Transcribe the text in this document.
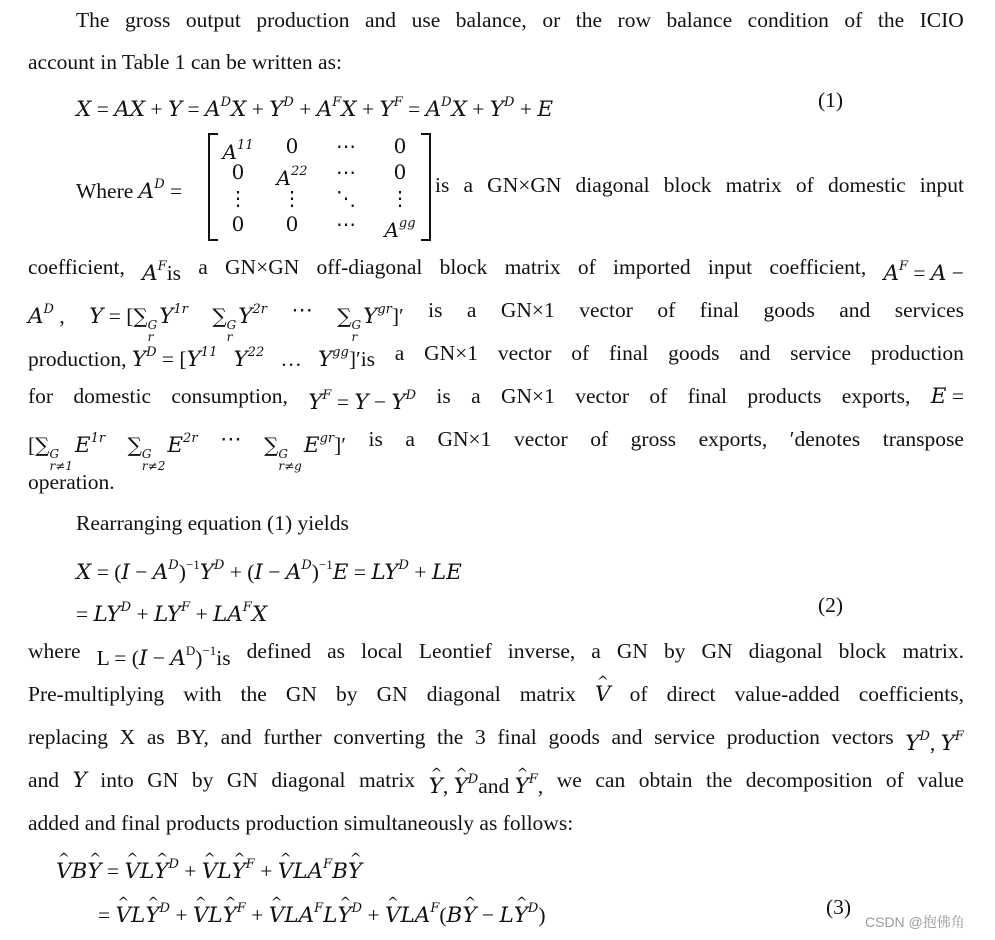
The gross output production and use balance, or the row balance condition of the ICIO
account in Table 1 can be written as:
X = AX + $Y = A^DX + Y^D + A^FX + Y^F = A^DX + Y^D + E$	(1)
Where $A^D$ =
$A^{11}$	0	⋯	0
0	$A^{22}$	⋯	0
⋮	⋮	⋱	⋮
0	0	⋯	$A^{gg}$
is a GN×GN diagonal block matrix of domestic input
coefficient, $A^Fis$ a GN×GN off-diagonal block matrix of imported input coefficient, $A^F = A$ −
$A^D$ , Y = [∑ G
r
$Y^{1r}$ ∑ G
r
$Y^{2r}$ ⋯ ∑ G
r
$Y^{gr}]'$ is a GN×1 vector of final goods and services
production, $Y^D = [Y^{11}$ $Y^{22}$   …   $Y^{gg}]'is$ a GN×1 vector of final goods and service production
for domestic consumption, $Y^F = Y - Y^D$ is a GN×1 vector of final products exports, E =
[∑ G
r≠1
$E^{1r}$ ∑ G
r≠2
$E^{2r}$ ⋯ ∑ G
r≠g
$E^{gr}]'$ is a GN×1 vector of gross exports, ′denotes transpose
operation.
Rearranging equation (1) yields
$X = (I - A^D)^{-1}Y^D + (I - A^D)^{-1}E = LY^D$ + LE
= $LY^D + LY^F + LA^FX$	(2)
where $L = (I - A^D)^{-1}is$ defined as local Leontief inverse, a GN by GN diagonal block matrix.
Pre-multiplying with the GN by GN diagonal matrix ^ V of direct value-added coefficients,
replacing X as BY, and further converting the 3 final goods and service production vectors $Y^D$, $Y^F$
and Y into GN by GN diagonal matrix ^ Y, ^ $Y^Dand$ ^ $Y^F$, we can obtain the decomposition of value
added and final products production simultaneously as follows:
^ VB^ Y = ^ VL^ $Y^D$ + ^ VL^ $Y^F$ + ^ $VLA^FB\^{}$ Y
= ^ VL^ $Y^D$ + ^ VL^ $Y^F$ + ^ $VLA^FL\^{}$ $Y^D$ + ^ $VLA^F(B\^{}$ Y − L^ $Y^D$)	(3)
CSDN @抱佛角
